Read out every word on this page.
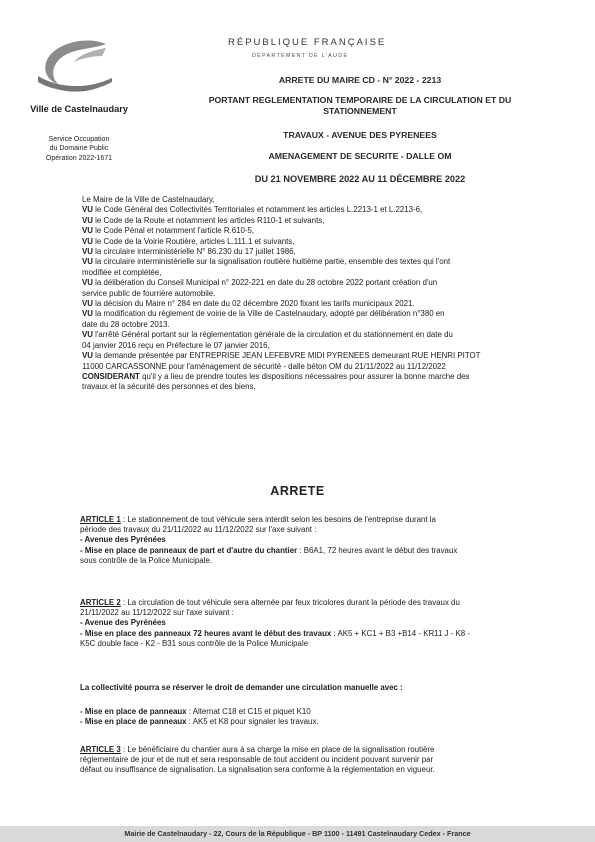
Ville de Castelnaudary
Service Occupation
du Domaine Public
Opération 2022-1671
RÉPUBLIQUE FRANÇAISE
DÉPARTEMENT DE L'AUDE
ARRETE DU MAIRE CD - N° 2022 - 2213
PORTANT REGLEMENTATION TEMPORAIRE DE LA CIRCULATION ET DU
STATIONNEMENT
TRAVAUX - AVENUE DES PYRENEES
AMENAGEMENT DE SECURITE - DALLE OM
DU 21 NOVEMBRE 2022 AU 11 DÉCEMBRE 2022
Le Maire de la Ville de Castelnaudary,
VU le Code Général des Collectivités Territoriales et notamment les articles L.2213-1 et L.2213-6,
VU le Code de la Route et notamment les articles R110-1 et suivants,
VU le Code Pénal et notamment l'article R.610-5,
VU le Code de la Voirie Routière, articles L.111.1 et suivants,
VU la circulaire interministérielle N° 86.230 du 17 juillet 1986,
VU la circulaire interministérielle sur la signalisation routière huitième partie, ensemble des textes qui l'ont
modifiée et complétée,
VU la délibération du Conseil Municipal n° 2022-221 en date du 28 octobre 2022 portant création d'un
service public de fourrière automobile.
VU la décision du Maire n° 284 en date du 02 décembre 2020 fixant les tarifs municipaux 2021.
VU la modification du règlement de voirie de la Ville de Castelnaudary, adopté par délibération n°380 en
date du 28 octobre 2013.
VU l'arrêté Général portant sur la réglementation générale de la circulation et du stationnement en date du
04 janvier 2016 reçu en Préfecture le 07 janvier 2016,
VU la demande présentée par ENTREPRISE JEAN LEFEBVRE MIDI PYRENEES demeurant RUE HENRI PITOT
11000 CARCASSONNE pour l'aménagement de sécurité - dalle béton OM du 21/11/2022 au 11/12/2022
CONSIDERANT qu'il y a lieu de prendre toutes les dispositions nécessaires pour assurer la bonne marche des
travaux et la sécurité des personnes et des biens,
ARRETE
ARTICLE 1 : Le stationnement de tout véhicule sera interdit selon les besoins de l'entreprise durant la
période des travaux du 21/11/2022 au 11/12/2022 sur l'axe suivant :
- Avenue des Pyrénées
- Mise en place de panneaux de part et d'autre du chantier : B6A1, 72 heures avant le début des travaux
sous contrôle de la Police Municipale.
ARTICLE 2 : La circulation de tout véhicule sera alternée par feux tricolores durant la période des travaux du
21/11/2022 au 11/12/2022 sur l'axe suivant :
- Avenue des Pyrénées
- Mise en place des panneaux 72 heures avant le début des travaux : AK5 + KC1 + B3 +B14 - KR11 J - K8 -
K5C double face - K2 - B31 sous contrôle de la Police Municipale
La collectivité pourra se réserver le droit de demander une circulation manuelle avec :
- Mise en place de panneaux : Alternat C18 et C15 et piquet K10
- Mise en place de panneaux : AK5 et K8 pour signaler les travaux.
ARTICLE 3 : Le bénéficiaire du chantier aura à sa charge la mise en place de la signalisation routière
réglementaire de jour et de nuit et sera responsable de tout accident ou incident pouvant survenir par
défaut ou insuffisance de signalisation. La signalisation sera conforme à la réglementation en vigueur.
Mairie de Castelnaudary - 22, Cours de la République - BP 1100 - 11491 Castelnaudary Cedex - France
